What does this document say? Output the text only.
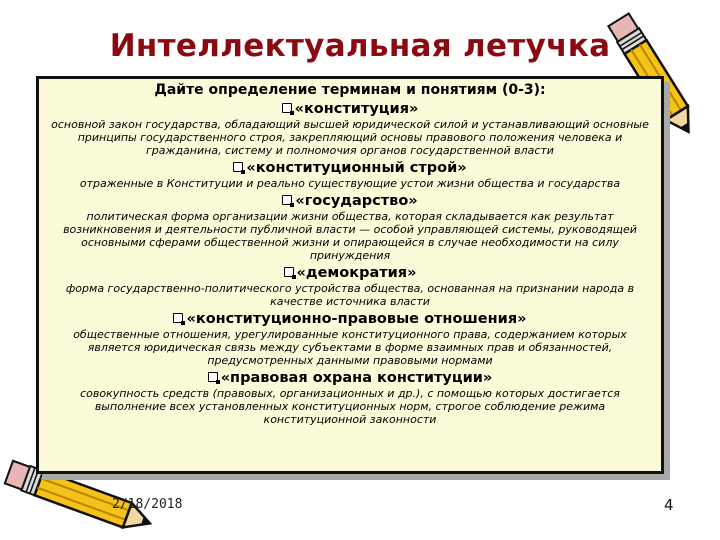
Интеллектуальная летучка

Дайте определение терминам и понятиям (0-3):

«конституция»

основной закон государства, обладающий высшей юридической силой и устанавливающий основные принципы государственного строя, закрепляющий основы правового положения человека и гражданина, систему и полномочия органов государственной власти

«конституционный строй»

отраженные в Конституции и реально существующие устои жизни общества и государства

«государство»

политическая форма организации жизни общества, которая складывается как результат возникновения и деятельности публичной власти — особой управляющей системы, руководящей основными сферами общественной жизни и опирающейся в случае необходимости на силу принуждения

«демократия»

форма государственно-политического устройства общества, основанная на признании народа в качестве источника власти

«конституционно-правовые отношения»

общественные отношения, урегулированные конституционного права, содержанием которых является юридическая связь между субъектами в форме взаимных прав и обязанностей, предусмотренных данными правовыми нормами

«правовая охрана конституции»

совокупность средств (правовых, организационных и др.), с помощью которых достигается выполнение всех установленных конституционных норм, строгое соблюдение режима конституционной законности

2/18/2018	4
